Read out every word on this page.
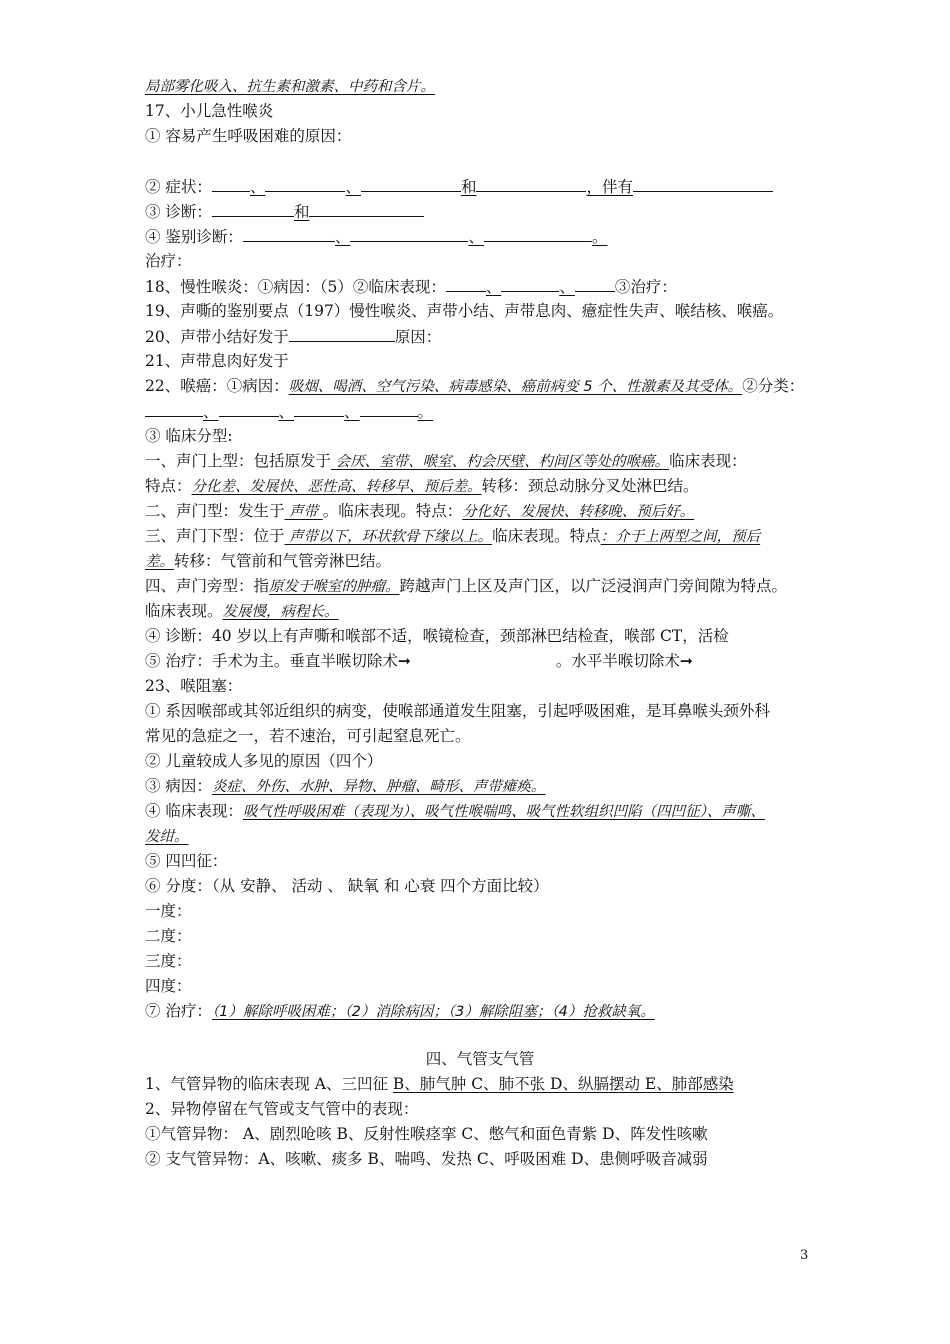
局部雾化吸入、抗生素和激素、中药和含片。
17、小儿急性喉炎
① 容易产生呼吸困难的原因：
② 症状： 、	、	和	，伴有
③ 诊断：	和
④ 鉴别诊断：	、	、	。
治疗：
18、慢性喉炎：①病因：（5）②临床表现：	、	、	③治疗：
19、声嘶的鉴别要点（197）慢性喉炎、声带小结、声带息肉、癔症性失声、喉结核、喉癌。
20、声带小结好发于	原因：
21、声带息肉好发于
22、喉癌：①病因：吸烟、喝酒、空气污染、病毒感染、癌前病变 5 个、性激素及其受体。②分类：
、	、	、	。
③ 临床分型:
一、声门上型：包括原发于 会厌、室带、喉室、杓会厌壁、杓间区等处的喉癌。临床表现：
特点：分化差、发展快、恶性高、转移早、预后差。转移：颈总动脉分叉处淋巴结。
二、声门型：发生于 声带 。临床表现。特点：分化好、发展快、转移晚、预后好。
三、声门下型：位于 声带以下，环状软骨下缘以上。临床表现。特点：介于上两型之间，预后
差。转移：气管前和气管旁淋巴结。
四、声门旁型：指原发于喉室的肿瘤。跨越声门上区及声门区，以广泛浸润声门旁间隙为特点。
临床表现。发展慢，病程长。
④ 诊断：40 岁以上有声嘶和喉部不适，喉镜检查，颈部淋巴结检查，喉部 CT，活检
⑤ 治疗：手术为主。垂直半喉切除术➞	。水平半喉切除术➞
23、喉阻塞：
① 系因喉部或其邻近组织的病变，使喉部通道发生阻塞，引起呼吸困难，是耳鼻喉头颈外科
常见的急症之一，若不速治，可引起窒息死亡。
② 儿童较成人多见的原因（四个）
③ 病因：炎症、外伤、水肿、异物、肿瘤、畸形、声带瘫痪。
④ 临床表现：吸气性呼吸困难（表现为）、吸气性喉喘鸣、吸气性软组织凹陷（四凹征）、声嘶、
发绀。
⑤ 四凹征：
⑥ 分度：（从 安静、 活动 、 缺氧 和 心衰 四个方面比较）
一度：
二度：
三度：
四度：
⑦ 治疗：（1）解除呼吸困难；（2）消除病因；（3）解除阻塞；（4）抢救缺氧。
四、气管支气管
1、气管异物的临床表现 A、三凹征 B、肺气肿 C、肺不张 D、纵膈摆动 E、肺部感染
2、异物停留在气管或支气管中的表现：
①气管异物： A、剧烈呛咳 B、反射性喉痉挛 C、憋气和面色青紫 D、阵发性咳嗽
② 支气管异物：A、咳嗽、痰多 B、喘鸣、发热 C、呼吸困难 D、患侧呼吸音减弱
3
